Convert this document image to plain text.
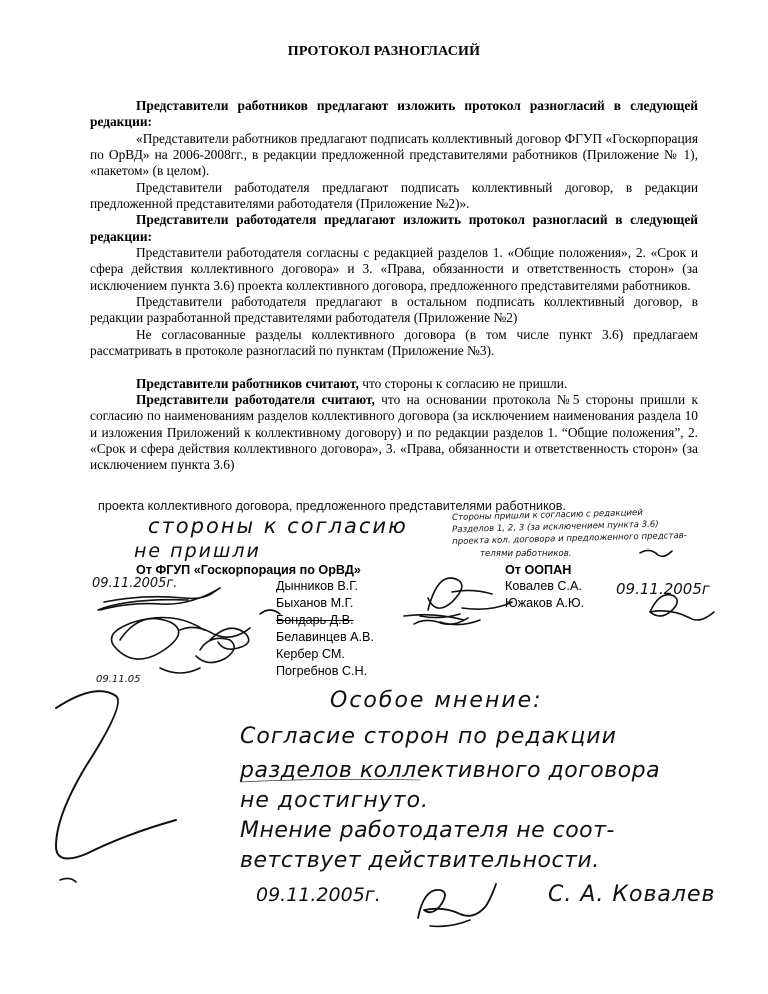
ПРОТОКОЛ РАЗНОГЛАСИЙ

Представители работников предлагают изложить протокол разногласий в следующей редакции:

«Представители работников предлагают подписать коллективный договор ФГУП «Госкорпорация по ОрВД» на 2006-2008гг., в редакции предложенной представителями работников (Приложение № 1), «пакетом» (в целом).

Представители работодателя предлагают подписать коллективный договор, в редакции предложенной представителями работодателя (Приложение №2)».

Представители работодателя предлагают изложить протокол разногласий в следующей редакции:

Представители работодателя согласны с редакцией разделов 1. «Общие положения», 2. «Срок и сфера действия коллективного договора» и 3. «Права, обязанности и ответственность сторон» (за исключением пункта 3.6) проекта коллективного договора, предложенного представителями работников.

Представители работодателя предлагают в остальном подписать коллективный договор, в редакции разработанной представителями работодателя (Приложение №2)

Не согласованные разделы коллективного договора (в том числе пункт 3.6) предлагаем рассматривать в протоколе разногласий по пунктам (Приложение №3).

Представители работников считают, что стороны к согласию не пришли.

Представители работодателя считают, что на основании протокола №5 стороны пришли к согласию по наименованиям разделов коллективного договора (за исключением наименования раздела 10 и изложения Приложений к коллективному договору) и по редакции разделов 1. “Общие положения”, 2. «Срок и сфера действия коллективного договора», 3. «Права, обязанности и ответственность сторон» (за исключением пункта 3.6)

проекта коллективного договора, предложенного представителями работников.
стороны к согласию
не пришли
Стороны пришли к согласию с редакцией
Разделов 1, 2, 3 (за исключением пункта 3.6)
проекта кол. договора и предложенного представ-
телями работников.
От ФГУП «Госкорпорация по ОрВД»	От ООПАН
Дынников В.Г.
Быханов М.Г.
Бондарь Д.В.
Белавинцев А.В.
Кербер СМ.
Погребнов С.Н.
Ковалев С.А.
Южаков А.Ю.
09.11.2005г.	09.11.2005г
09.11.05
Особое мнение:
Согласие сторон по редакции
разделов коллективного договора
не достигнуто.
Мнение работодателя не соот-
ветствует действительности.
09.11.2005г.	С. А. Ковалев
